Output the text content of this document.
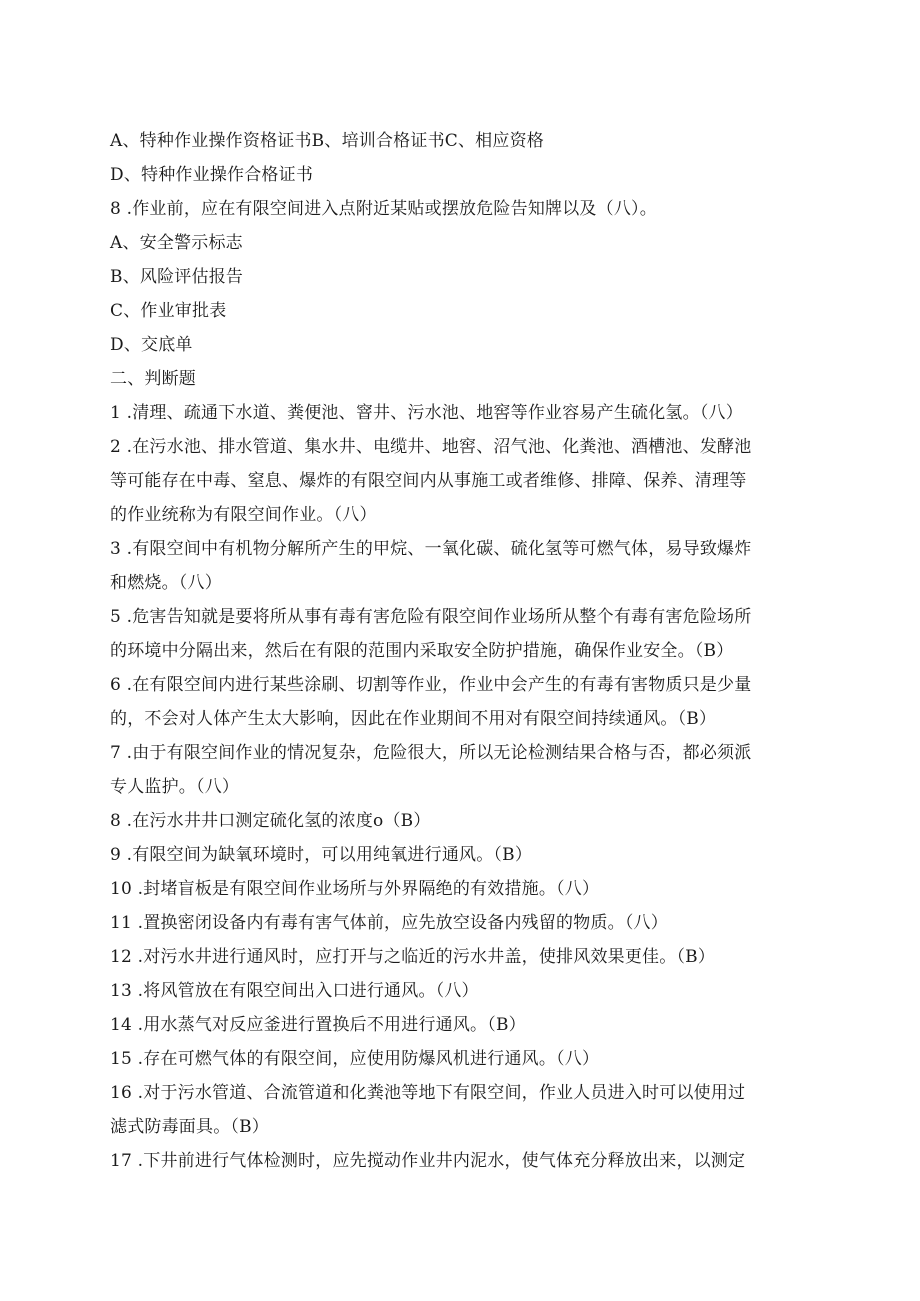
A、特种作业操作资格证书B、培训合格证书C、相应资格
D、特种作业操作合格证书
8 .作业前，应在有限空间进入点附近某贴或摆放危险告知牌以及（八）。
A、安全警示标志
B、风险评估报告
C、作业审批表
D、交底单
二、判断题
1 .清理、疏通下水道、粪便池、窨井、污水池、地窖等作业容易产生硫化氢。（八）
2 .在污水池、排水管道、集水井、电缆井、地窖、沼气池、化粪池、酒槽池、发酵池
等可能存在中毒、窒息、爆炸的有限空间内从事施工或者维修、排障、保养、清理等
的作业统称为有限空间作业。（八）
3 .有限空间中有机物分解所产生的甲烷、一氧化碳、硫化氢等可燃气体，易导致爆炸
和燃烧。（八）
5 .危害告知就是要将所从事有毒有害危险有限空间作业场所从整个有毒有害危险场所
的环境中分隔出来，然后在有限的范围内采取安全防护措施，确保作业安全。（B）
6 .在有限空间内进行某些涂刷、切割等作业，作业中会产生的有毒有害物质只是少量
的，不会对人体产生太大影响，因此在作业期间不用对有限空间持续通风。（B）
7 .由于有限空间作业的情况复杂，危险很大，所以无论检测结果合格与否，都必须派
专人监护。（八）
8 .在污水井井口测定硫化氢的浓度o（B）
9 .有限空间为缺氧环境时，可以用纯氧进行通风。（B）
10 .封堵盲板是有限空间作业场所与外界隔绝的有效措施。（八）
11 .置换密闭设备内有毒有害气体前，应先放空设备内残留的物质。（八）
12 .对污水井进行通风时，应打开与之临近的污水井盖，使排风效果更佳。（B）
13 .将风管放在有限空间出入口进行通风。（八）
14 .用水蒸气对反应釜进行置换后不用进行通风。（B）
15 .存在可燃气体的有限空间，应使用防爆风机进行通风。（八）
16 .对于污水管道、合流管道和化粪池等地下有限空间，作业人员进入时可以使用过
滤式防毒面具。（B）
17 .下井前进行气体检测时，应先搅动作业井内泥水，使气体充分释放出来，以测定
